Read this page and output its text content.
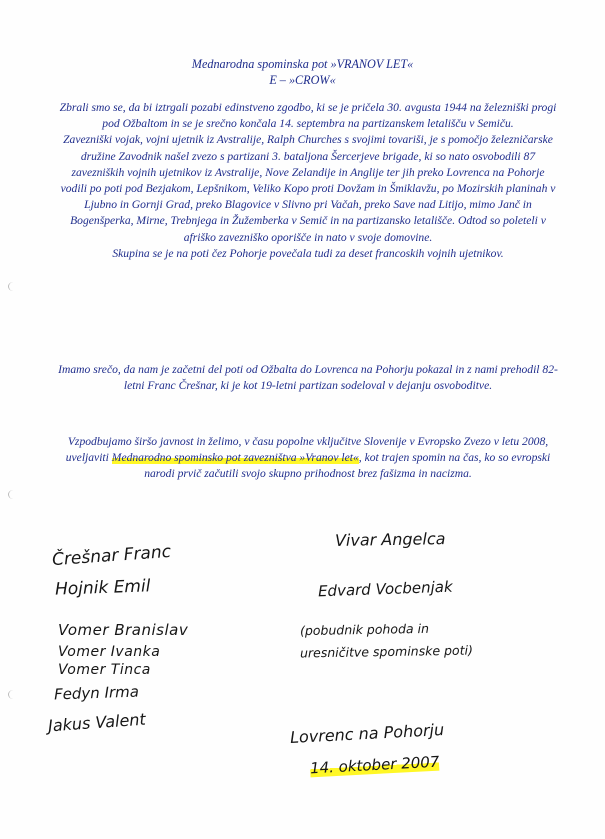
Mednarodna spominska pot »VRANOV LET«
E – »CROW«

Zbrali smo se, da bi iztrgali pozabi edinstveno zgodbo, ki se je pričela 30. avgusta 1944 na železniški progi pod Ožbaltom in se je srečno končala 14. septembra na partizanskem letališču v Semiču.

Zavezniški vojak, vojni ujetnik iz Avstralije, Ralph Churches s svojimi tovariši, je s pomočjo železničarske družine Zavodnik našel zvezo s partizani 3. bataljona Šercerjeve brigade, ki so nato osvobodili 87 zavezniških vojnih ujetnikov iz Avstralije, Nove Zelandije in Anglije ter jih preko Lovrenca na Pohorje vodili po poti pod Bezjakom, Lepšnikom, Veliko Kopo proti Dovžam in Šmiklavžu, po Mozirskih planinah v Ljubno in Gornji Grad, preko Blagovice v Slivno pri Vačah, preko Save nad Litijo, mimo Janč in Bogenšperka, Mirne, Trebnjega in Žužemberka v Semič in na partizansko letališče. Odtod so poleteli v afriško zavezniško oporišče in nato v svoje domovine.

Skupina se je na poti čez Pohorje povečala tudi za deset francoskih vojnih ujetnikov.

Imamo srečo, da nam je začetni del poti od Ožbalta do Lovrenca na Pohorju pokazal in z nami prehodil 82-letni Franc Črešnar, ki je kot 19-letni partizan sodeloval v dejanju osvoboditve.

Vzpodbujamo širšo javnost in želimo, v času popolne vključitve Slovenije v Evropsko Zvezo v letu 2008, uveljaviti Mednarodno spominsko pot zavezništva »Vranov let«, kot trajen spomin na čas, ko so evropski narodi prvič začutili svojo skupno prihodnost brez fašizma in nacizma.

Črešnar Franc
Hojnik Emil
Vomer Branislav
Vomer Ivanka
Vomer Tinca
Fedyn Irma
Jakus Valent
Vivar Angelca
Edvard Vocbenjak
(pobudnik pohoda in
uresničitve spominske poti)
Lovrenc na Pohorju
14. oktober 2007
